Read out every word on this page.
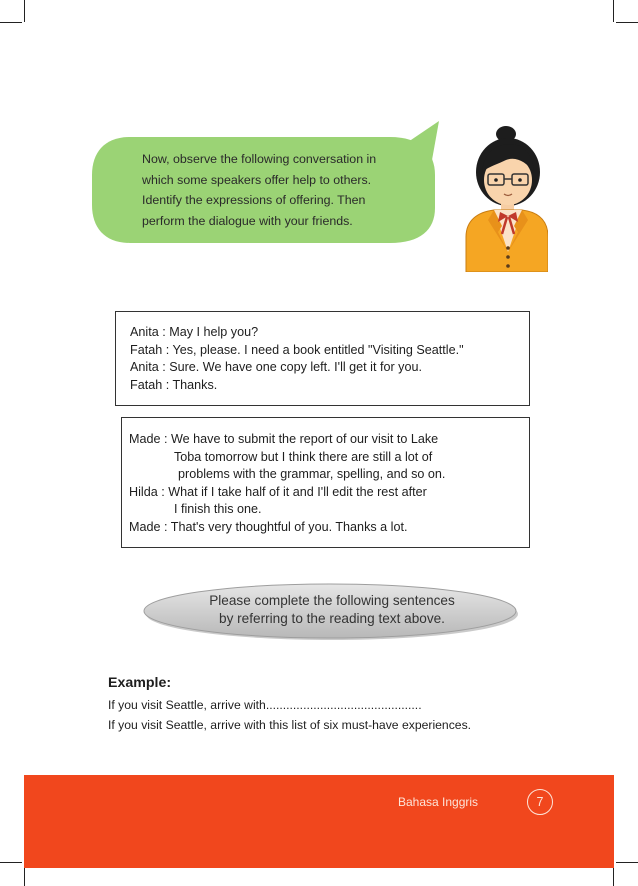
Now, observe the following conversation in

which some speakers offer help to others.

Identify the expressions of offering. Then

perform the dialogue with your friends.

Anita : May I help you?
Fatah : Yes, please. I need a book entitled "Visiting Seattle."
Anita : Sure. We have one copy left. I'll get it for you.
Fatah : Thanks.
Made : We have to submit the report of our visit to Lake
Toba tomorrow but I think there are still a lot of
problems with the grammar, spelling, and so on.
Hilda : What if I take half of it and I'll edit the rest after
I finish this one.
Made : That's very thoughtful of you. Thanks a lot.
Please complete the following sentences
by referring to the reading text above.
Example:
If you visit Seattle, arrive with..............................................
If you visit Seattle, arrive with this list of six must-have experiences.
Bahasa Inggris	7
